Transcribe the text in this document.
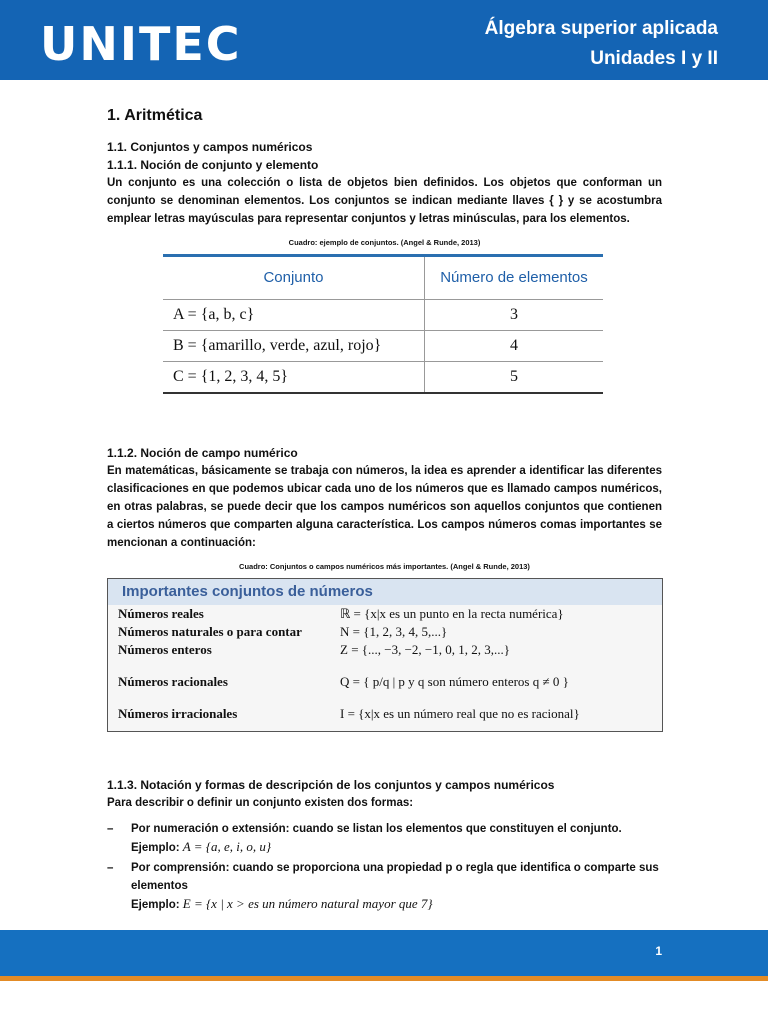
UNITEC	Álgebra superior aplicada
Unidades I y II
1. Aritmética
1.1. Conjuntos y campos numéricos
1.1.1. Noción de conjunto y elemento

Un conjunto es una colección o lista de objetos bien definidos. Los objetos que conforman un conjunto se denominan elementos. Los conjuntos se indican mediante llaves { } y se acostumbra emplear letras mayúsculas para representar conjuntos y letras minúsculas, para los elementos.

Cuadro: ejemplo de conjuntos. (Angel & Runde, 2013)
Conjunto	Número de elementos
A = {a, b, c}	3
B = {amarillo, verde, azul, rojo}	4
C = {1, 2, 3, 4, 5}	5
1.1.2. Noción de campo numérico

En matemáticas, básicamente se trabaja con números, la idea es aprender a identificar las diferentes clasificaciones en que podemos ubicar cada uno de los números que es llamado campos numéricos, en otras palabras, se puede decir que los campos numéricos son aquellos conjuntos que contienen a ciertos números que comparten alguna característica. Los campos números comas importantes se mencionan a continuación:

Cuadro: Conjuntos o campos numéricos más importantes. (Angel & Runde, 2013)
Importantes conjuntos de números
Números reales	ℝ = {x|x es un punto en la recta numérica}
Números naturales o para contar	N = {1, 2, 3, 4, 5,...}
Números enteros	Z = {..., −3, −2, −1, 0, 1, 2, 3,...}
Números racionales	Q = { p/q | p y q son número enteros q ≠ 0 }
Números irracionales	I = {x|x es un número real que no es racional}
1.1.3. Notación y formas de descripción de los conjuntos y campos numéricos

Para describir o definir un conjunto existen dos formas:

– Por numeración o extensión: cuando se listan los elementos que constituyen el conjunto.
Ejemplo: A = {a, e, i, o, u}
– Por comprensión: cuando se proporciona una propiedad p o regla que identifica o comparte sus elementos
Ejemplo: E = {x | x > es un número natural mayor que 7}
1
